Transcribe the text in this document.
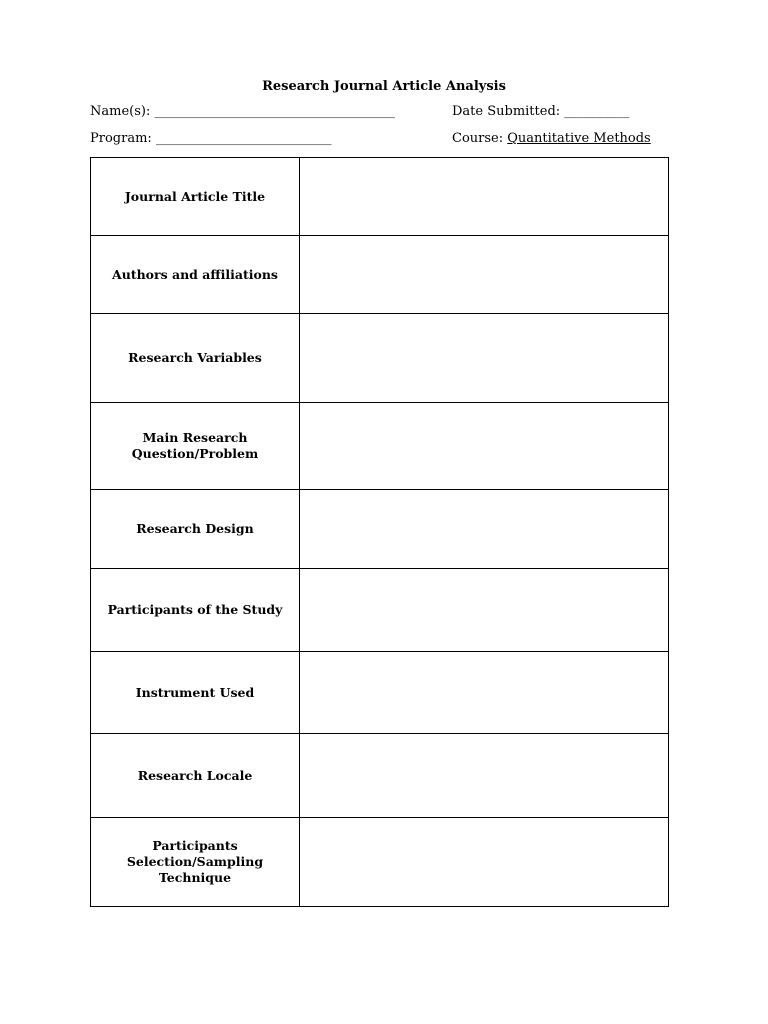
Research Journal Article Analysis
Name(s): _____________________________________	Date Submitted: __________
Program: ___________________________	Course: Quantitative Methods
Journal Article Title	
Authors and affiliations	
Research Variables	
Main Research Question/Problem	
Research Design	
Participants of the Study	
Instrument Used	
Research Locale	
Participants Selection/Sampling Technique	
